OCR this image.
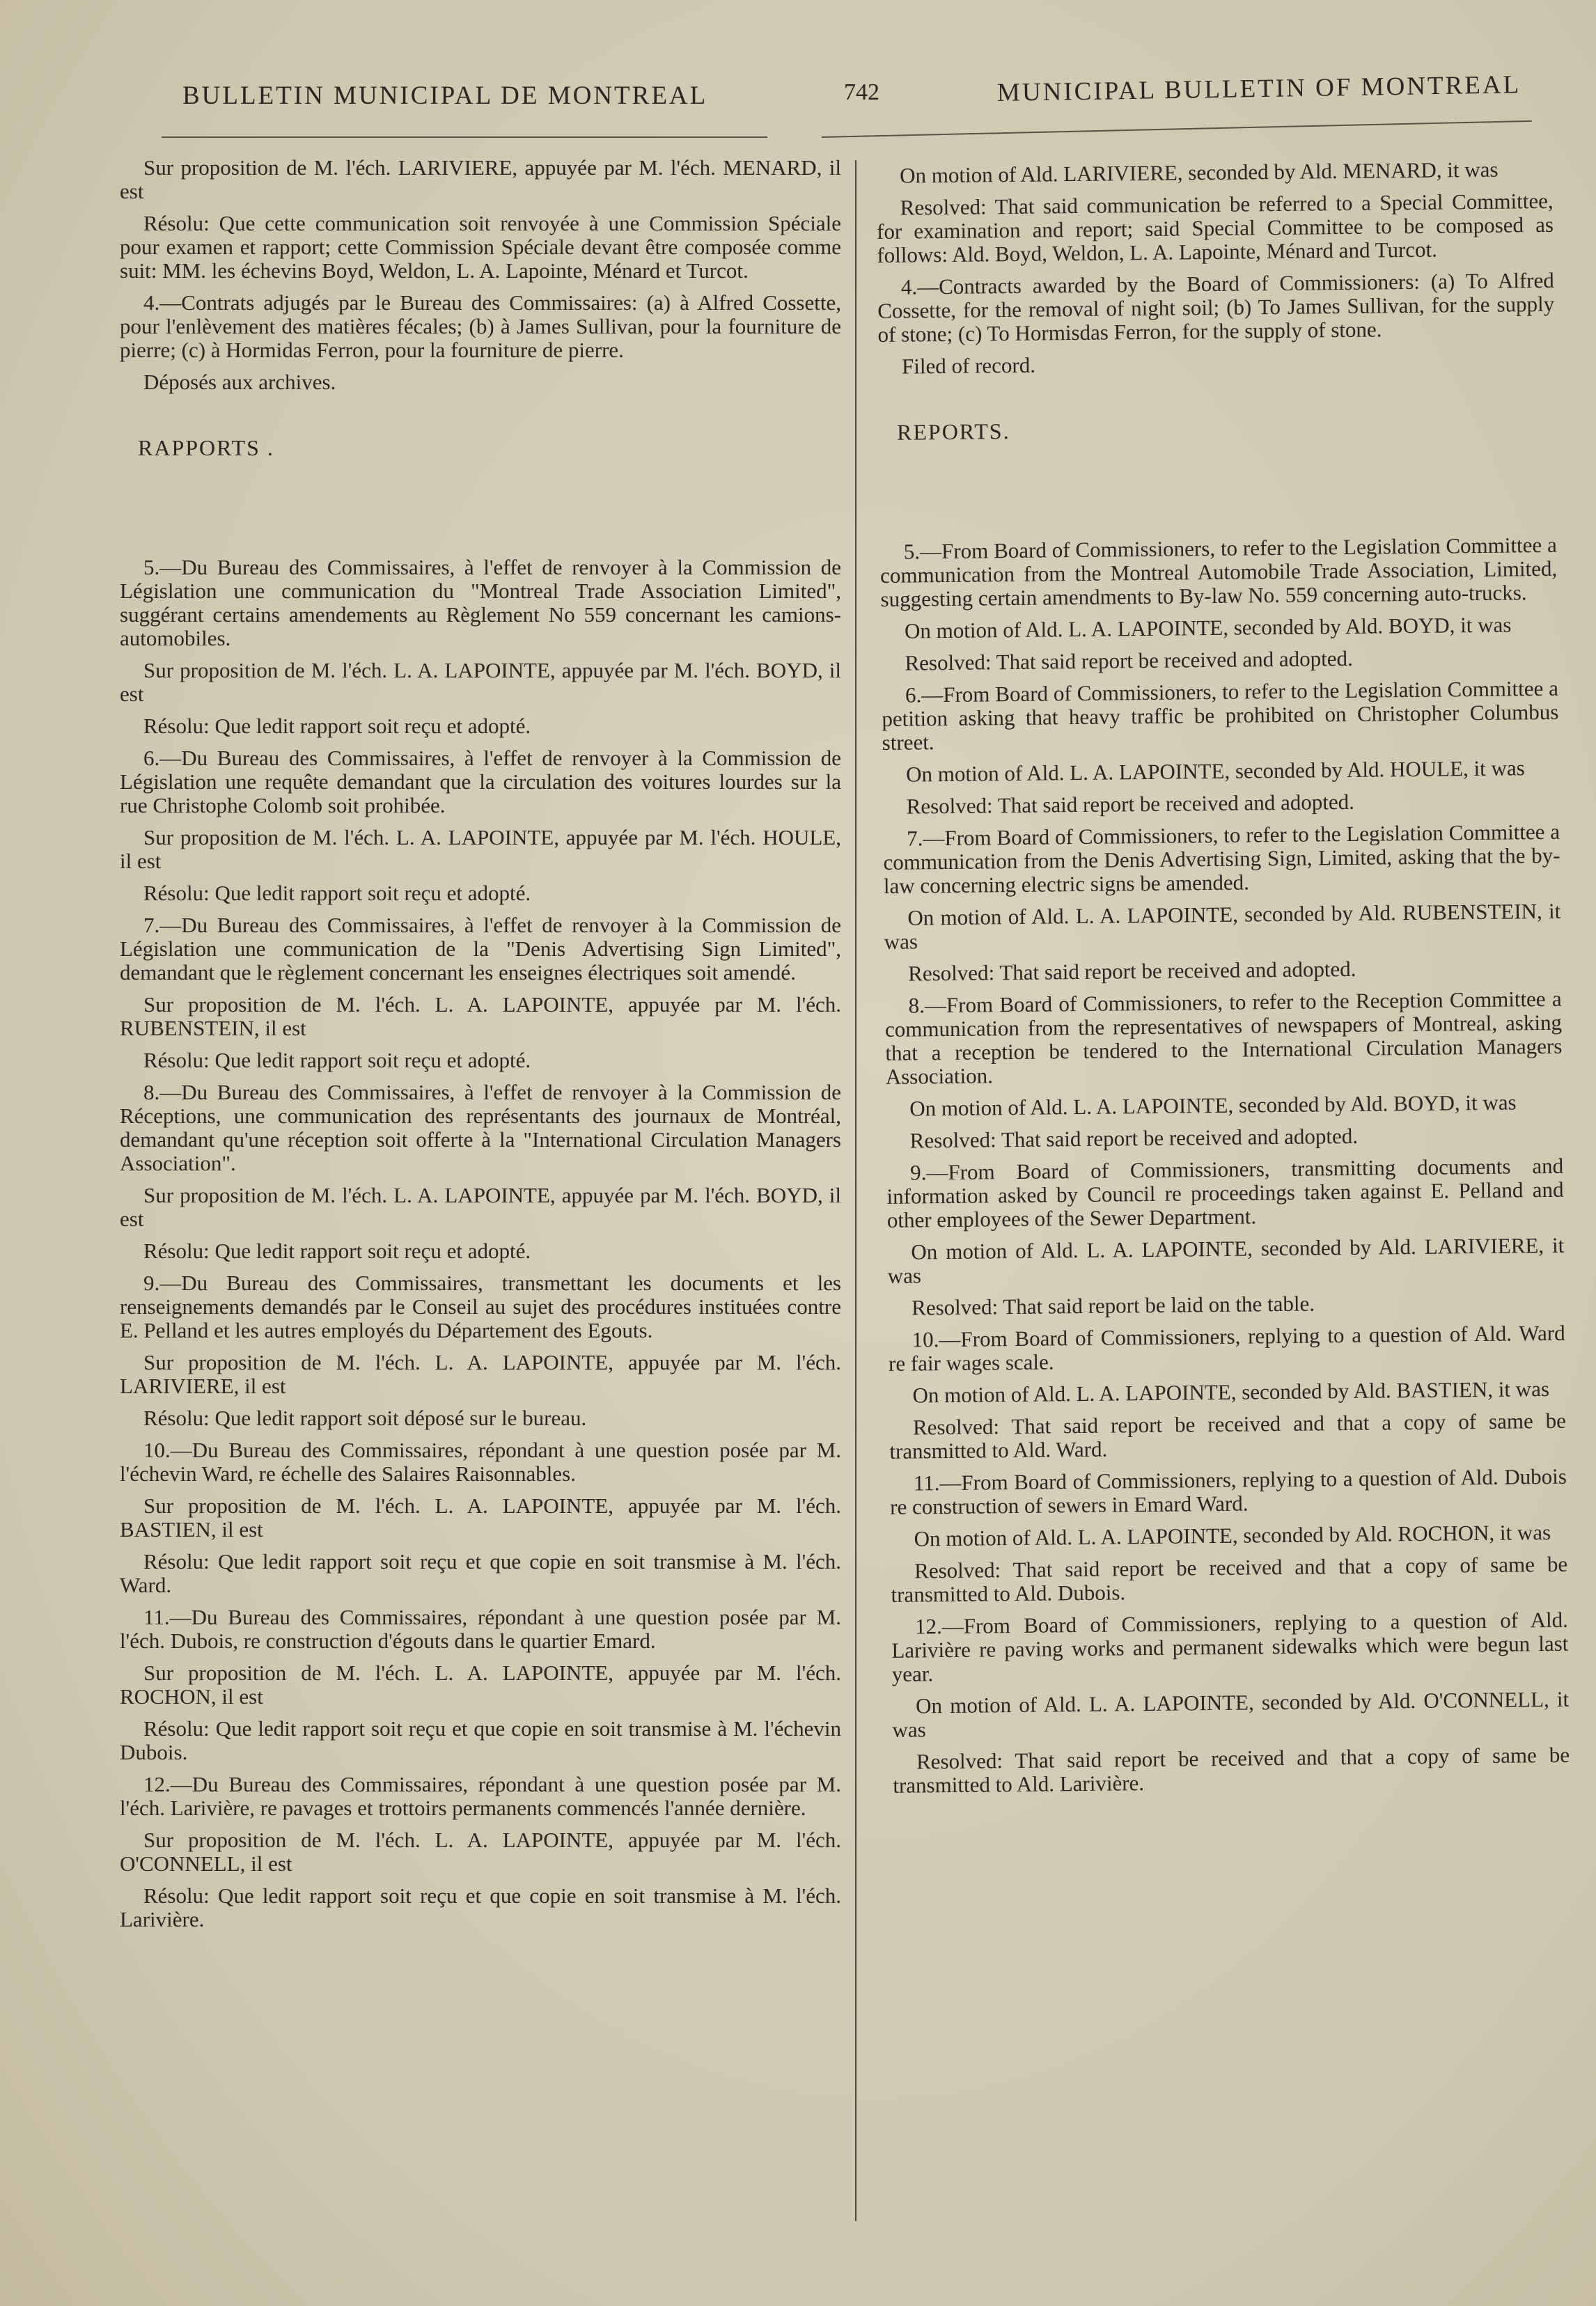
BULLETIN MUNICIPAL DE MONTREAL	742	MUNICIPAL BULLETIN OF MONTREAL

Sur proposition de M. l'éch. LARIVIERE, appuyée par M. l'éch. MENARD, il est

Résolu: Que cette communication soit renvoyée à une Commission Spéciale pour examen et rapport; cette Commission Spéciale devant être composée comme suit: MM. les échevins Boyd, Weldon, L. A. Lapointe, Ménard et Turcot.

4.—Contrats adjugés par le Bureau des Commissaires: (a) à Alfred Cossette, pour l'enlèvement des matières fécales; (b) à James Sullivan, pour la fourniture de pierre; (c) à Hormidas Ferron, pour la fourniture de pierre.

Déposés aux archives.

RAPPORTS .

5.—Du Bureau des Commissaires, à l'effet de renvoyer à la Commission de Législation une communication du "Montreal Trade Association Limited", suggérant certains amendements au Règlement No 559 concernant les camions-automobiles.

Sur proposition de M. l'éch. L. A. LAPOINTE, appuyée par M. l'éch. BOYD, il est

Résolu: Que ledit rapport soit reçu et adopté.

6.—Du Bureau des Commissaires, à l'effet de renvoyer à la Commission de Législation une requête demandant que la circulation des voitures lourdes sur la rue Christophe Colomb soit prohibée.

Sur proposition de M. l'éch. L. A. LAPOINTE, appuyée par M. l'éch. HOULE, il est

Résolu: Que ledit rapport soit reçu et adopté.

7.—Du Bureau des Commissaires, à l'effet de renvoyer à la Commission de Législation une communication de la "Denis Advertising Sign Limited", demandant que le règlement concernant les enseignes électriques soit amendé.

Sur proposition de M. l'éch. L. A. LAPOINTE, appuyée par M. l'éch. RUBENSTEIN, il est

Résolu: Que ledit rapport soit reçu et adopté.

8.—Du Bureau des Commissaires, à l'effet de renvoyer à la Commission de Réceptions, une communication des représentants des journaux de Montréal, demandant qu'une réception soit offerte à la "International Circulation Managers Association".

Sur proposition de M. l'éch. L. A. LAPOINTE, appuyée par M. l'éch. BOYD, il est

Résolu: Que ledit rapport soit reçu et adopté.

9.—Du Bureau des Commissaires, transmettant les documents et les renseignements demandés par le Conseil au sujet des procédures instituées contre E. Pelland et les autres employés du Département des Egouts.

Sur proposition de M. l'éch. L. A. LAPOINTE, appuyée par M. l'éch. LARIVIERE, il est

Résolu: Que ledit rapport soit déposé sur le bureau.

10.—Du Bureau des Commissaires, répondant à une question posée par M. l'échevin Ward, re échelle des Salaires Raisonnables.

Sur proposition de M. l'éch. L. A. LAPOINTE, appuyée par M. l'éch. BASTIEN, il est

Résolu: Que ledit rapport soit reçu et que copie en soit transmise à M. l'éch. Ward.

11.—Du Bureau des Commissaires, répondant à une question posée par M. l'éch. Dubois, re construction d'égouts dans le quartier Emard.

Sur proposition de M. l'éch. L. A. LAPOINTE, appuyée par M. l'éch. ROCHON, il est

Résolu: Que ledit rapport soit reçu et que copie en soit transmise à M. l'échevin Dubois.

12.—Du Bureau des Commissaires, répondant à une question posée par M. l'éch. Larivière, re pavages et trottoirs permanents commencés l'année dernière.

Sur proposition de M. l'éch. L. A. LAPOINTE, appuyée par M. l'éch. O'CONNELL, il est

Résolu: Que ledit rapport soit reçu et que copie en soit transmise à M. l'éch. Larivière.

On motion of Ald. LARIVIERE, seconded by Ald. MENARD, it was

Resolved: That said communication be referred to a Special Committee, for examination and report; said Special Committee to be composed as follows: Ald. Boyd, Weldon, L. A. Lapointe, Ménard and Turcot.

4.—Contracts awarded by the Board of Commissioners: (a) To Alfred Cossette, for the removal of night soil; (b) To James Sullivan, for the supply of stone; (c) To Hormisdas Ferron, for the supply of stone.

Filed of record.

REPORTS.

5.—From Board of Commissioners, to refer to the Legislation Committee a communication from the Montreal Automobile Trade Association, Limited, suggesting certain amendments to By-law No. 559 concerning auto-trucks.

On motion of Ald. L. A. LAPOINTE, seconded by Ald. BOYD, it was

Resolved: That said report be received and adopted.

6.—From Board of Commissioners, to refer to the Legislation Committee a petition asking that heavy traffic be prohibited on Christopher Columbus street.

On motion of Ald. L. A. LAPOINTE, seconded by Ald. HOULE, it was

Resolved: That said report be received and adopted.

7.—From Board of Commissioners, to refer to the Legislation Committee a communication from the Denis Advertising Sign, Limited, asking that the by-law concerning electric signs be amended.

On motion of Ald. L. A. LAPOINTE, seconded by Ald. RUBENSTEIN, it was

Resolved: That said report be received and adopted.

8.—From Board of Commissioners, to refer to the Reception Committee a communication from the representatives of newspapers of Montreal, asking that a reception be tendered to the International Circulation Managers Association.

On motion of Ald. L. A. LAPOINTE, seconded by Ald. BOYD, it was

Resolved: That said report be received and adopted.

9.—From Board of Commissioners, transmitting documents and information asked by Council re proceedings taken against E. Pelland and other employees of the Sewer Department.

On motion of Ald. L. A. LAPOINTE, seconded by Ald. LARIVIERE, it was

Resolved: That said report be laid on the table.

10.—From Board of Commissioners, replying to a question of Ald. Ward re fair wages scale.

On motion of Ald. L. A. LAPOINTE, seconded by Ald. BASTIEN, it was

Resolved: That said report be received and that a copy of same be transmitted to Ald. Ward.

11.—From Board of Commissioners, replying to a question of Ald. Dubois re construction of sewers in Emard Ward.

On motion of Ald. L. A. LAPOINTE, seconded by Ald. ROCHON, it was

Resolved: That said report be received and that a copy of same be transmitted to Ald. Dubois.

12.—From Board of Commissioners, replying to a question of Ald. Larivière re paving works and permanent sidewalks which were begun last year.

On motion of Ald. L. A. LAPOINTE, seconded by Ald. O'CONNELL, it was

Resolved: That said report be received and that a copy of same be transmitted to Ald. Larivière.
